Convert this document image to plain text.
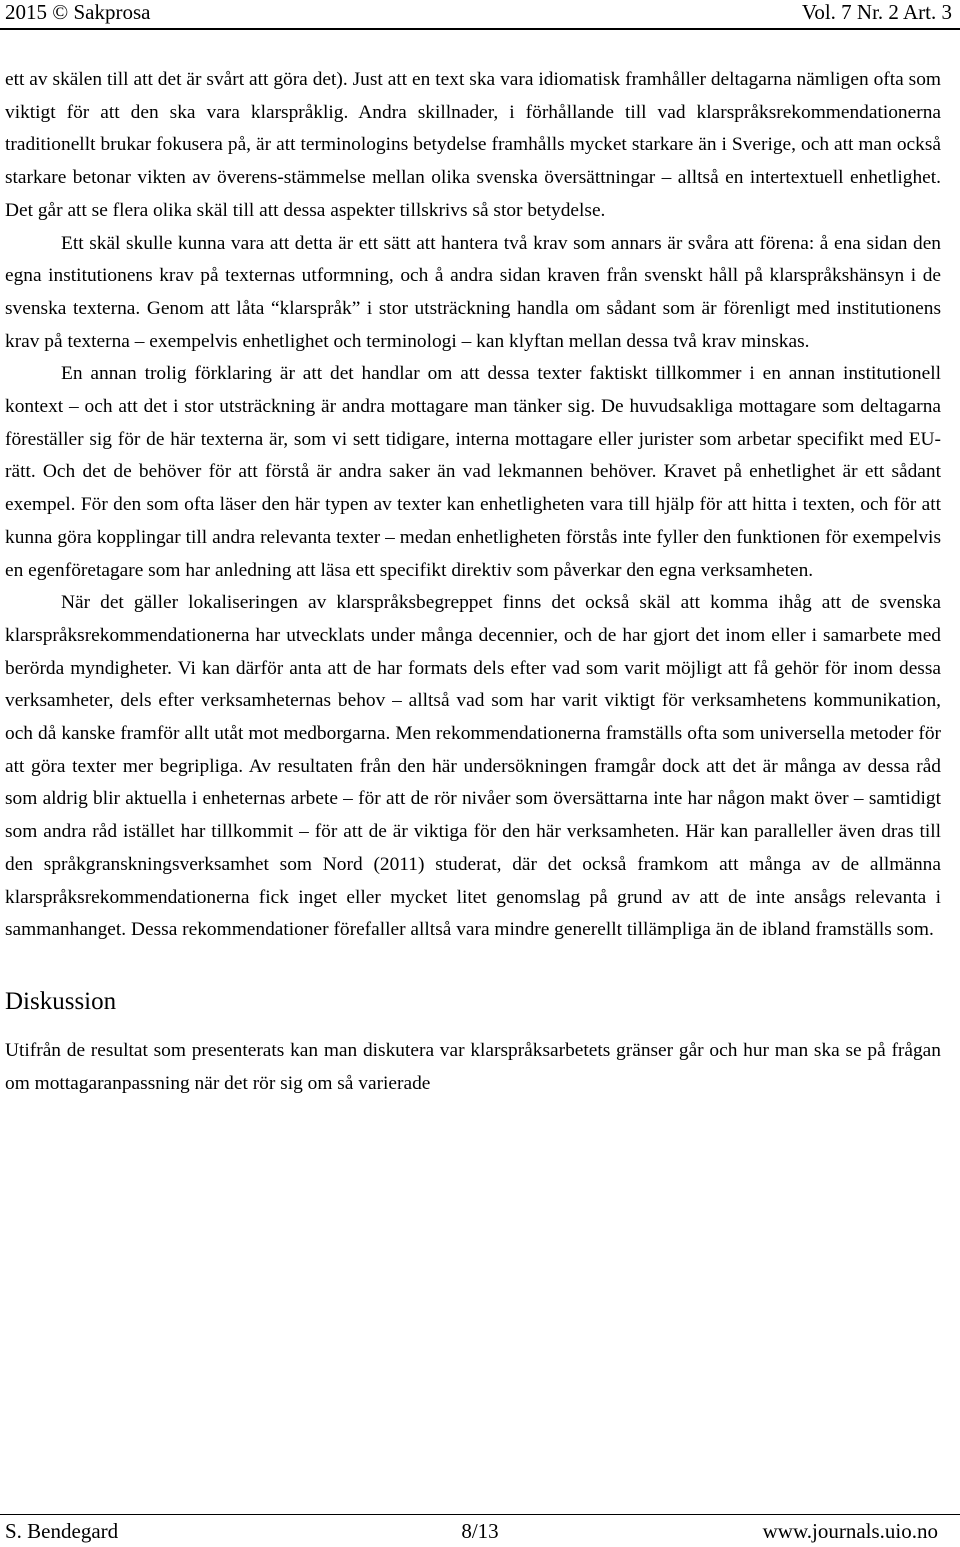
2015 © Sakprosa	Vol. 7 Nr. 2 Art. 3

ett av skälen till att det är svårt att göra det). Just att en text ska vara idiomatisk framhåller deltagarna nämligen ofta som viktigt för att den ska vara klarspråklig. Andra skillnader, i förhållande till vad klarspråksrekommendationerna traditionellt brukar fokusera på, är att terminologins betydelse framhålls mycket starkare än i Sverige, och att man också starkare betonar vikten av överens-stämmelse mellan olika svenska översättningar – alltså en intertextuell enhetlighet. Det går att se flera olika skäl till att dessa aspekter tillskrivs så stor betydelse.

Ett skäl skulle kunna vara att detta är ett sätt att hantera två krav som annars är svåra att förena: å ena sidan den egna institutionens krav på texternas utformning, och å andra sidan kraven från svenskt håll på klarspråkshänsyn i de svenska texterna. Genom att låta “klarspråk” i stor utsträckning handla om sådant som är förenligt med institutionens krav på texterna – exempelvis enhetlighet och terminologi – kan klyftan mellan dessa två krav minskas.

En annan trolig förklaring är att det handlar om att dessa texter faktiskt tillkommer i en annan institutionell kontext – och att det i stor utsträckning är andra mottagare man tänker sig. De huvudsakliga mottagare som deltagarna föreställer sig för de här texterna är, som vi sett tidigare, interna mottagare eller jurister som arbetar specifikt med EU-rätt. Och det de behöver för att förstå är andra saker än vad lekmannen behöver. Kravet på enhetlighet är ett sådant exempel. För den som ofta läser den här typen av texter kan enhetligheten vara till hjälp för att hitta i texten, och för att kunna göra kopplingar till andra relevanta texter – medan enhetligheten förstås inte fyller den funktionen för exempelvis en egenföretagare som har anledning att läsa ett specifikt direktiv som påverkar den egna verksamheten.

När det gäller lokaliseringen av klarspråksbegreppet finns det också skäl att komma ihåg att de svenska klarspråksrekommendationerna har utvecklats under många decennier, och de har gjort det inom eller i samarbete med berörda myndigheter. Vi kan därför anta att de har formats dels efter vad som varit möjligt att få gehör för inom dessa verksamheter, dels efter verksamheternas behov – alltså vad som har varit viktigt för verksamhetens kommunikation, och då kanske framför allt utåt mot medborgarna. Men rekommendationerna framställs ofta som universella metoder för att göra texter mer begripliga. Av resultaten från den här undersökningen framgår dock att det är många av dessa råd som aldrig blir aktuella i enheternas arbete – för att de rör nivåer som översättarna inte har någon makt över – samtidigt som andra råd istället har tillkommit – för att de är viktiga för den här verksamheten. Här kan paralleller även dras till den språkgranskningsverksamhet som Nord (2011) studerat, där det också framkom att många av de allmänna klarspråksrekommendationerna fick inget eller mycket litet genomslag på grund av att de inte ansågs relevanta i sammanhanget. Dessa rekommendationer förefaller alltså vara mindre generellt tillämpliga än de ibland framställs som.

Diskussion

Utifrån de resultat som presenterats kan man diskutera var klarspråksarbetets gränser går och hur man ska se på frågan om mottagaranpassning när det rör sig om så varierade

S. Bendegard	8/13	www.journals.uio.no
